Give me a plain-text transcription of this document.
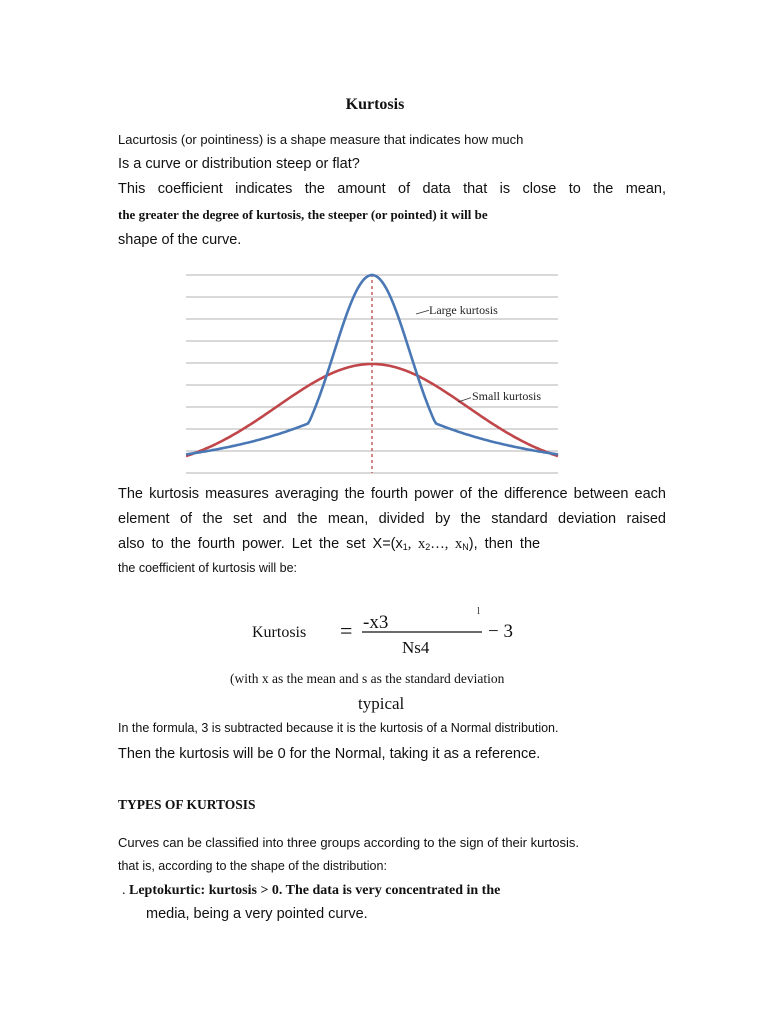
Kurtosis
Lacurtosis (or pointiness) is a shape measure that indicates how much
Is a curve or distribution steep or flat?
This coefficient indicates the amount of data that is close to the mean,
the greater the degree of kurtosis, the steeper (or pointed) it will be
shape of the curve.
Large kurtosis
Small kurtosis
The kurtosis measures averaging the fourth power of the difference between each
element of the set and the mean, divided by the standard deviation raised
also to the fourth power. Let the set $X=(x_1$, $x_2\dots$, $x_N$), then the
the coefficient of kurtosis will be:
Kurtosis = -x3
Ns4
− 3
l
(with x as the mean and s as the standard deviation
typical
In the formula, 3 is subtracted because it is the kurtosis of a Normal distribution.
Then the kurtosis will be 0 for the Normal, taking it as a reference.
TYPES OF KURTOSIS
Curves can be classified into three groups according to the sign of their kurtosis.
that is, according to the shape of the distribution:
. Leptokurtic: kurtosis > 0. The data is very concentrated in the
media, being a very pointed curve.
